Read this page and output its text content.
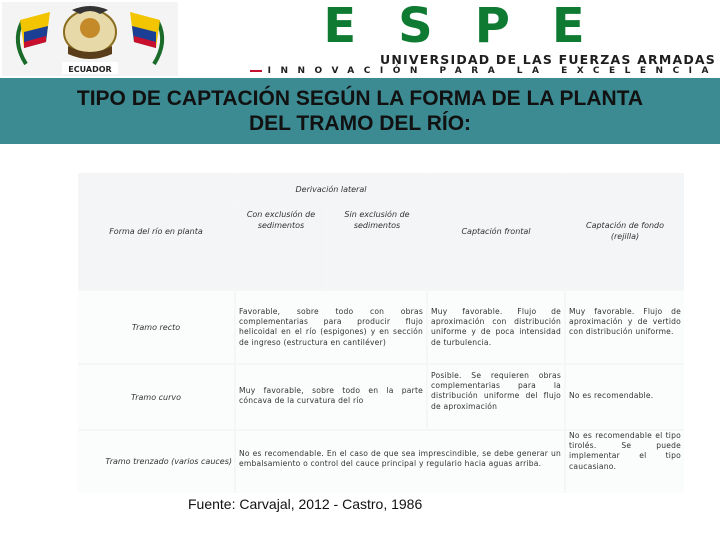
ECUADOR
ESPE
UNIVERSIDAD DE LAS FUERZAS ARMADAS
INNOVACIÓN PARA LA EXCELENCIA
TIPO DE CAPTACIÓN SEGÚN LA FORMA DE LA PLANTA
DEL TRAMO DEL RÍO:
Forma del río en planta
Derivación lateral
Con exclusión de sedimentos
Sin exclusión de sedimentos
Captación frontal
Captación de fondo (rejilla)
Tramo recto
Favorable, sobre todo con obras complementarias para producir flujo helicoidal en el río (espigones) y en sección de ingreso (estructura en cantiléver)
Muy favorable. Flujo de aproximación con distribución uniforme y de poca intensidad de turbulencia.
Muy favorable. Flujo de aproximación y de vertido con distribución uniforme.
Tramo curvo
Muy favorable, sobre todo en la parte cóncava de la curvatura del río
Posible. Se requieren obras complementarias para la distribución uniforme del flujo de aproximación
No es recomendable.
Tramo trenzado (varios cauces)
No es recomendable. En el caso de que sea imprescindible, se debe generar un embalsamiento o control del cauce principal y regulario hacia aguas arriba.
No es recomendable el tipo tirolés. Se puede implementar el tipo caucasiano.
Fuente: Carvajal, 2012 - Castro, 1986
